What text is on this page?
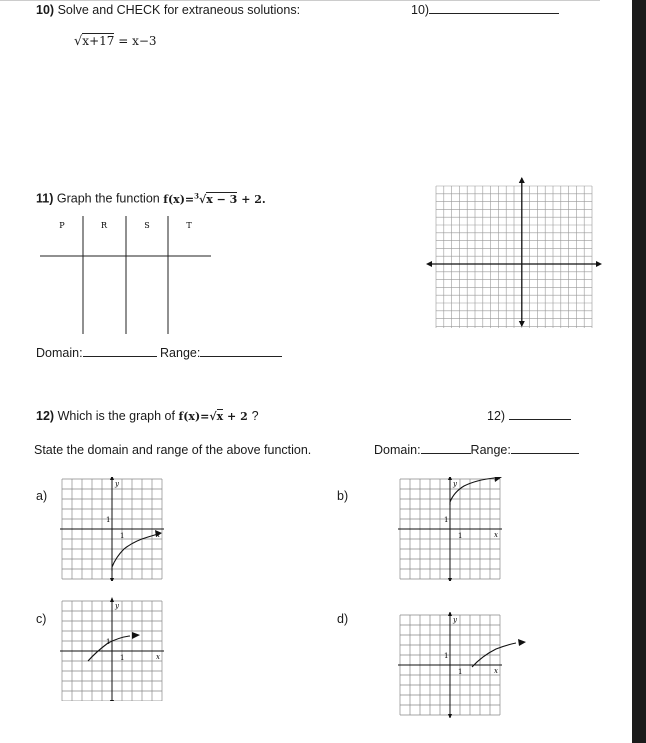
10) Solve and CHECK for extraneous solutions:	10)
√x+17 = x−3
11) Graph the function f(x)=$^3$√x − 3 + 2.
P	R	S	T
Domain:	Range:
12) Which is the graph of f(x)=√x + 2 ?	12)
State the domain and range of the above function.	Domain:	Range:
a)	b)
c)	d)
y
1
1
y
x
1
1
y
x
1
1
y
x
1
1
